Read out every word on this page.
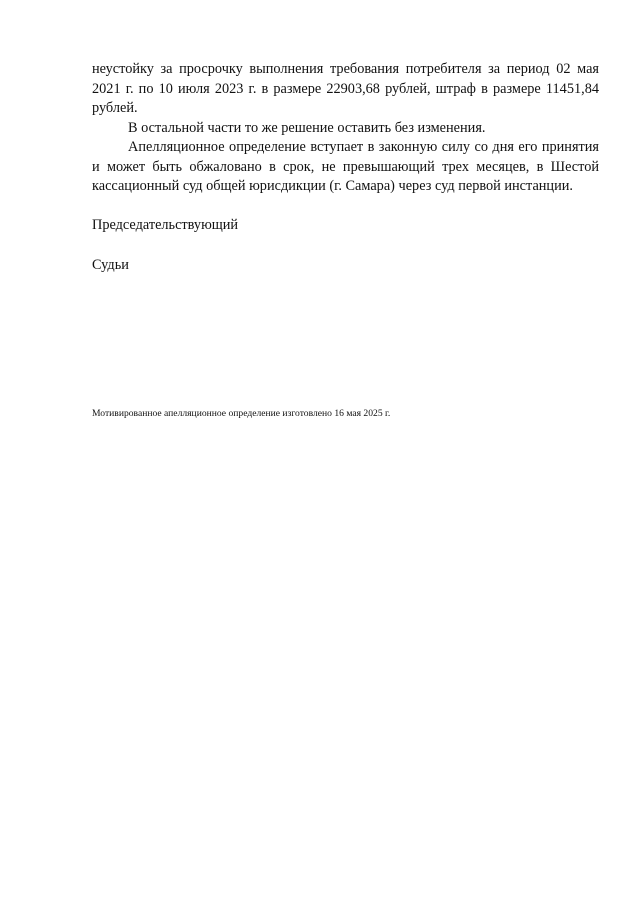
неустойку за просрочку выполнения требования потребителя за период 02 мая 2021 г. по 10 июля 2023 г. в размере 22903,68 рублей, штраф в размере 11451,84 рублей.

В остальной части то же решение оставить без изменения.

Апелляционное определение вступает в законную силу со дня его принятия и может быть обжаловано в срок, не превышающий трех месяцев, в Шестой кассационный суд общей юрисдикции (г. Самара) через суд первой инстанции.

Председательствующий

Судьи

Мотивированное апелляционное определение изготовлено 16 мая 2025 г.
